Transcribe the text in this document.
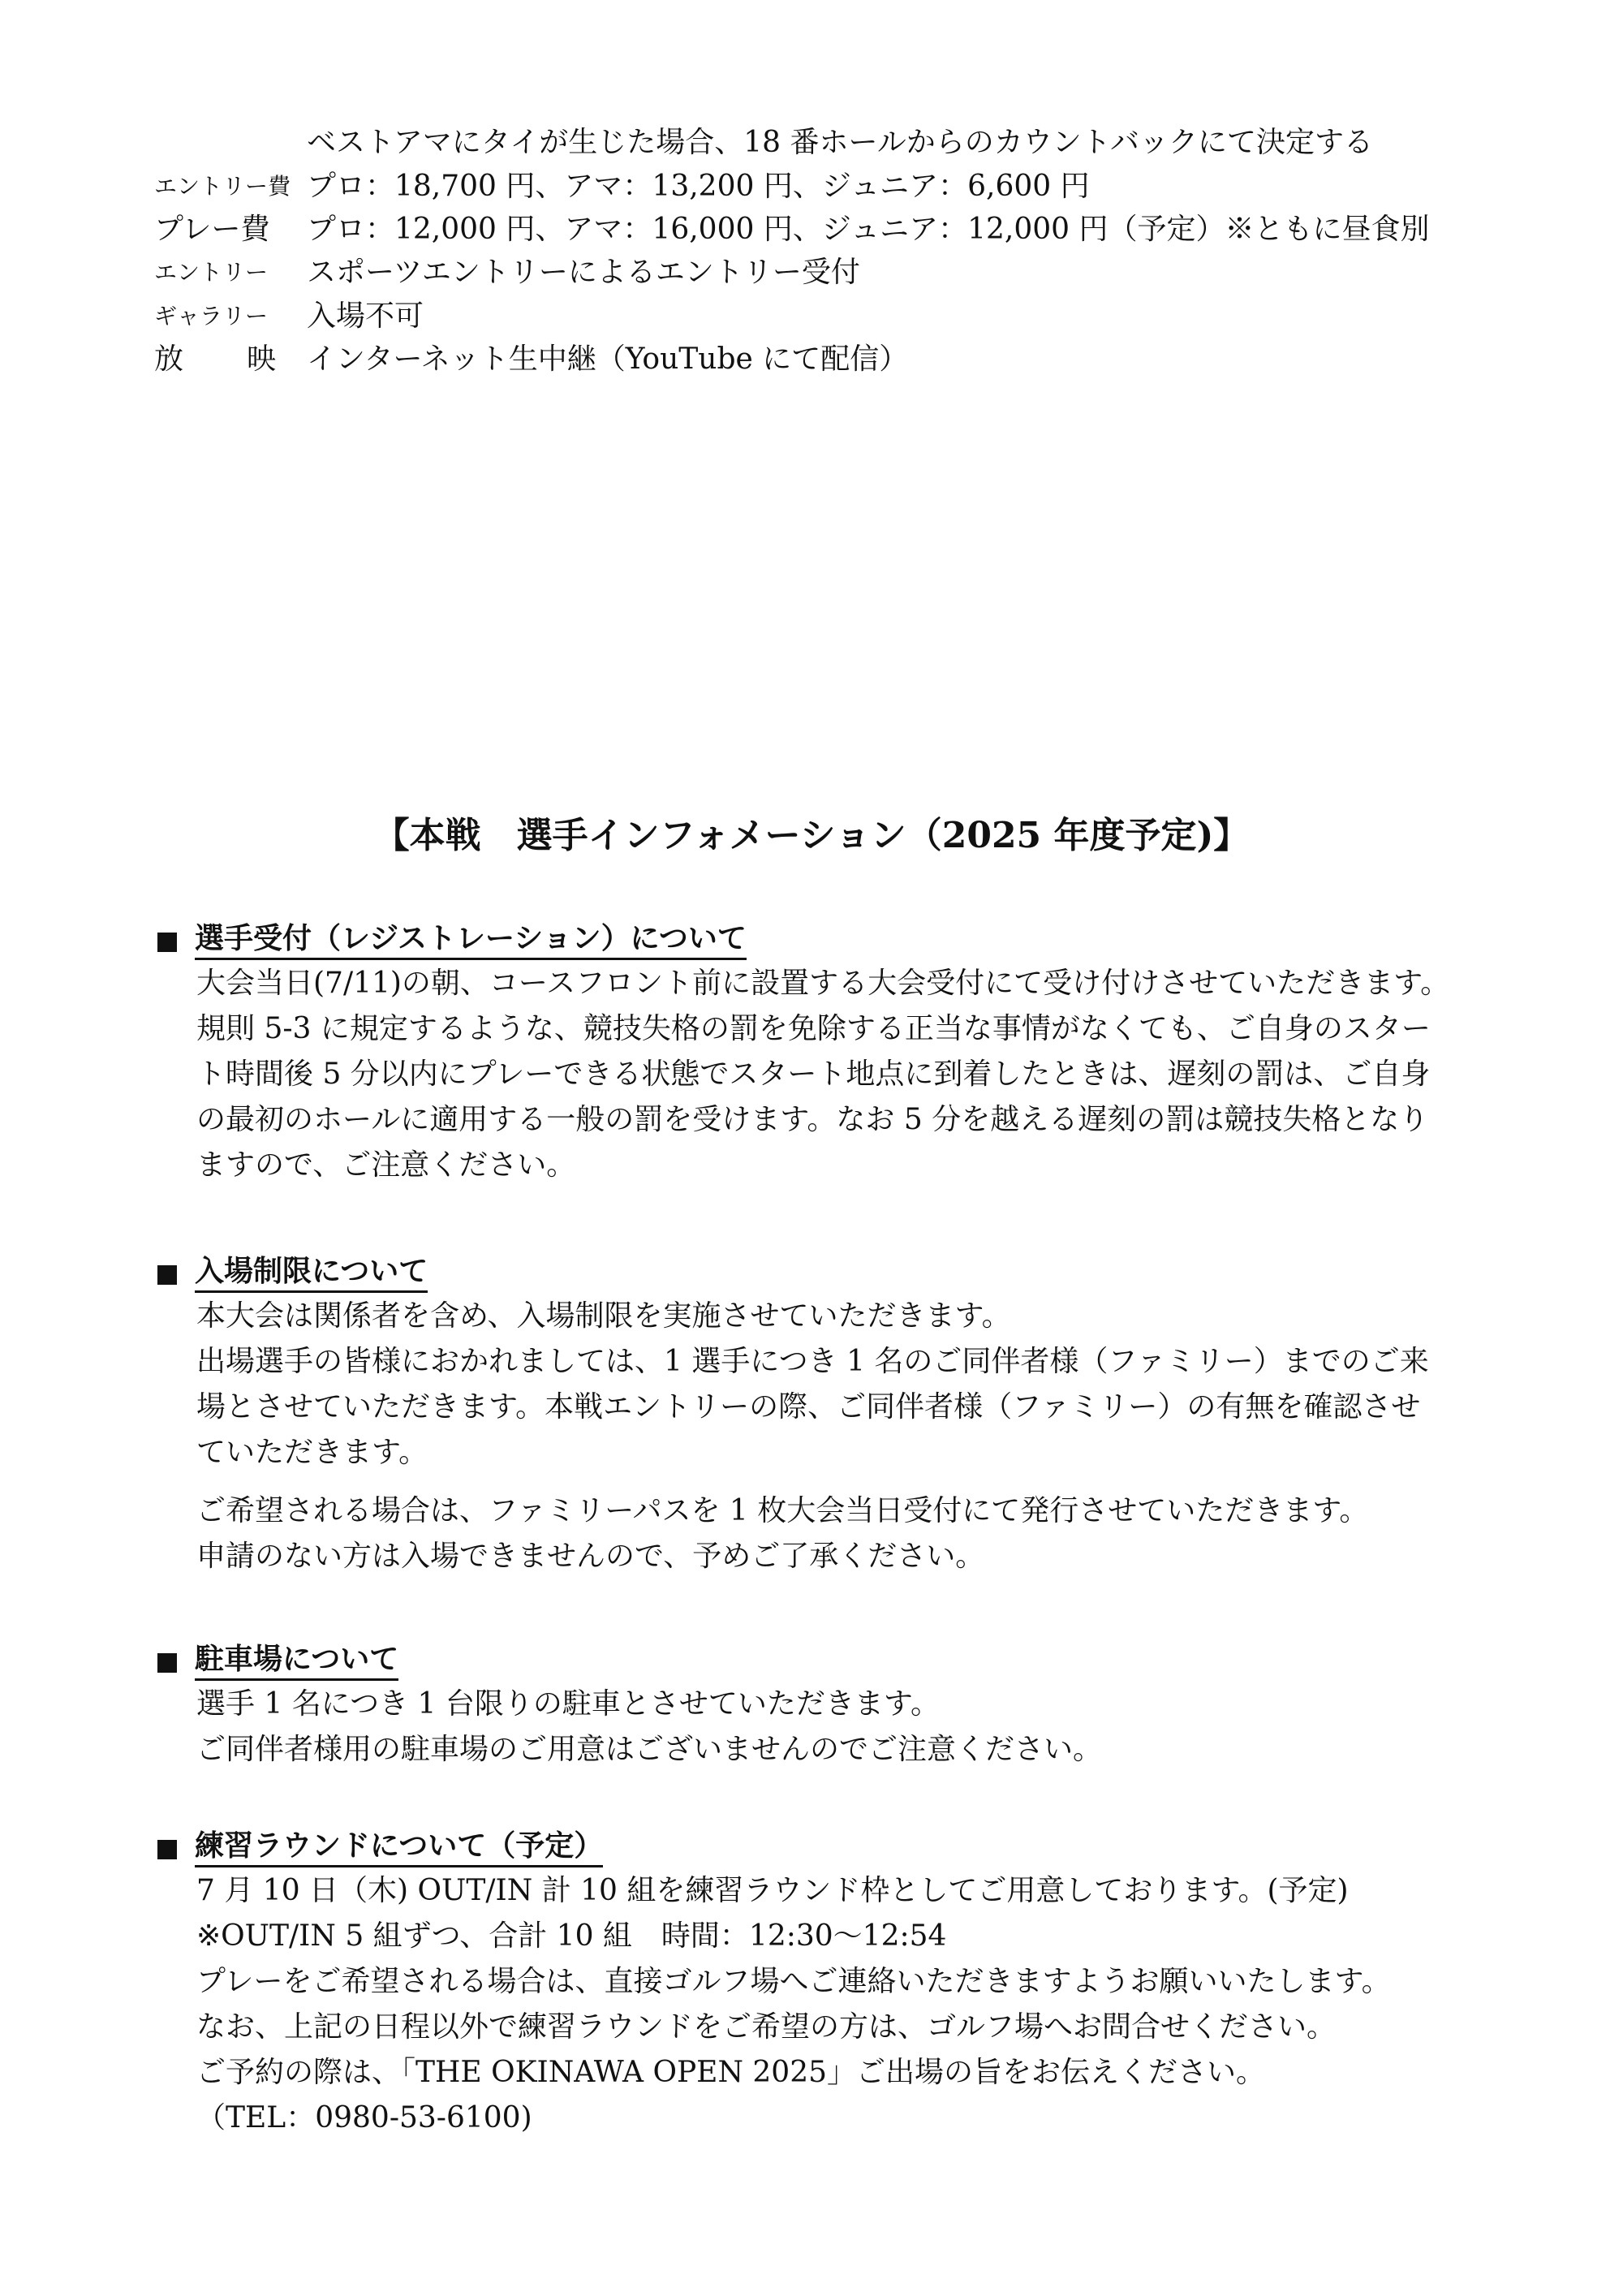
ベストアマにタイが生じた場合、18 番ホールからのカウントバックにて決定する
エントリー費 プロ：18,700 円、アマ：13,200 円、ジュニア：6,600 円
プレー費 プロ：12,000 円、アマ：16,000 円、ジュニア：12,000 円（予定）※ともに昼食別
エントリー スポーツエントリーによるエントリー受付
ギャラリー 入場不可
放 映 インターネット生中継（YouTube にて配信）
【本戦　選手インフォメーション（2025 年度予定)】
選手受付（レジストレーション）について
大会当日(7/11)の朝、コースフロント前に設置する大会受付にて受け付けさせていただきます。
規則 5-3 に規定するような、競技失格の罰を免除する正当な事情がなくても、ご自身のスター
ト時間後 5 分以内にプレーできる状態でスタート地点に到着したときは、遅刻の罰は、ご自身
の最初のホールに適用する一般の罰を受けます。なお 5 分を越える遅刻の罰は競技失格となり
ますので、ご注意ください。
入場制限について
本大会は関係者を含め、入場制限を実施させていただきます。
出場選手の皆様におかれましては、1 選手につき 1 名のご同伴者様（ファミリー）までのご来
場とさせていただきます。本戦エントリーの際、ご同伴者様（ファミリー）の有無を確認させ
ていただきます。
ご希望される場合は、ファミリーパスを 1 枚大会当日受付にて発行させていただきます。
申請のない方は入場できませんので、予めご了承ください。
駐車場について
選手 1 名につき 1 台限りの駐車とさせていただきます。
ご同伴者様用の駐車場のご用意はございませんのでご注意ください。
練習ラウンドについて（予定）
7 月 10 日（木) OUT/IN 計 10 組を練習ラウンド枠としてご用意しております。(予定)
※OUT/IN 5 組ずつ、合計 10 組　時間：12:30〜12:54
プレーをご希望される場合は、直接ゴルフ場へご連絡いただきますようお願いいたします。
なお、上記の日程以外で練習ラウンドをご希望の方は、ゴルフ場へお問合せください。
ご予約の際は、「THE OKINAWA OPEN 2025」ご出場の旨をお伝えください。
（TEL：0980-53-6100)
